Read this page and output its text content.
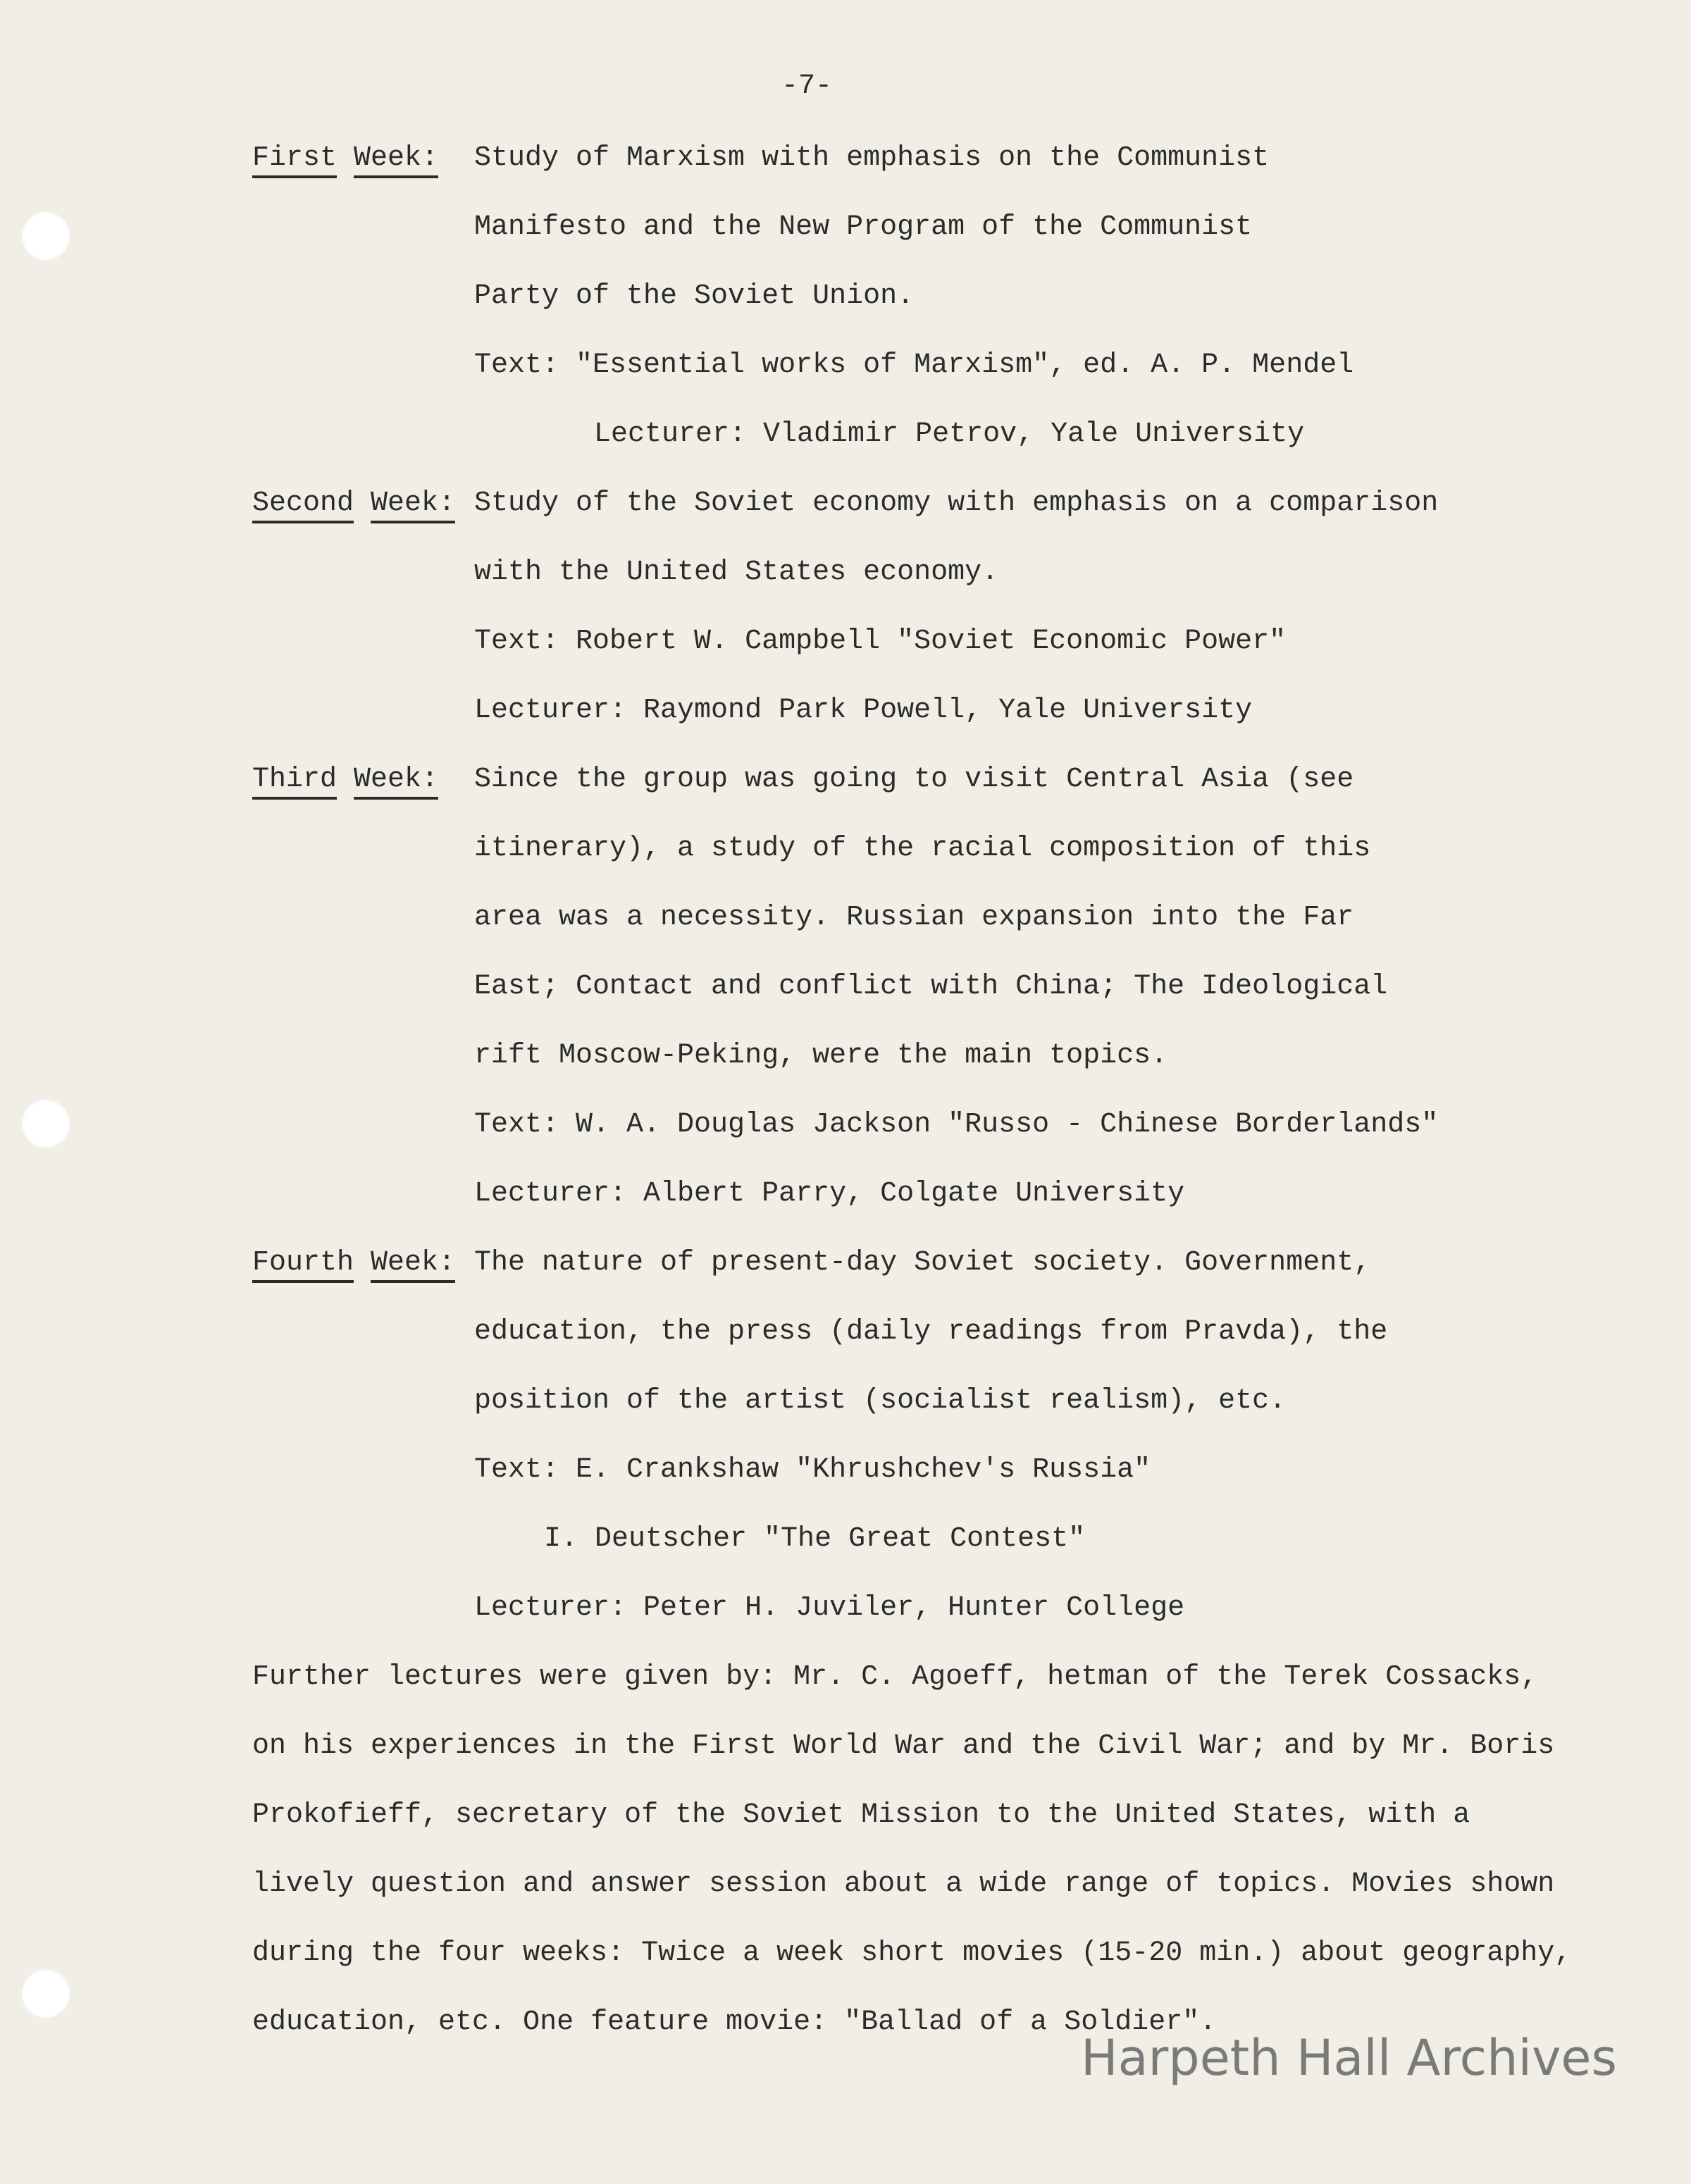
-7-
First Week: Study of Marxism with emphasis on the Communist
Manifesto and the New Program of the Communist
Party of the Soviet Union.
Text: "Essential works of Marxism", ed. A. P. Mendel
Lecturer: Vladimir Petrov, Yale University
Second Week: Study of the Soviet economy with emphasis on a comparison
with the United States economy.
Text: Robert W. Campbell "Soviet Economic Power"
Lecturer: Raymond Park Powell, Yale University
Third Week: Since the group was going to visit Central Asia (see
itinerary), a study of the racial composition of this
area was a necessity. Russian expansion into the Far
East; Contact and conflict with China; The Ideological
rift Moscow-Peking, were the main topics.
Text: W. A. Douglas Jackson "Russo - Chinese Borderlands"
Lecturer: Albert Parry, Colgate University
Fourth Week: The nature of present-day Soviet society. Government,
education, the press (daily readings from Pravda), the
position of the artist (socialist realism), etc.
Text: E. Crankshaw "Khrushchev's Russia"
I. Deutscher "The Great Contest"
Lecturer: Peter H. Juviler, Hunter College
Further lectures were given by: Mr. C. Agoeff, hetman of the Terek Cossacks,
on his experiences in the First World War and the Civil War; and by Mr. Boris
Prokofieff, secretary of the Soviet Mission to the United States, with a
lively question and answer session about a wide range of topics. Movies shown
during the four weeks: Twice a week short movies (15-20 min.) about geography,
education, etc. One feature movie: "Ballad of a Soldier".
Harpeth Hall Archives
